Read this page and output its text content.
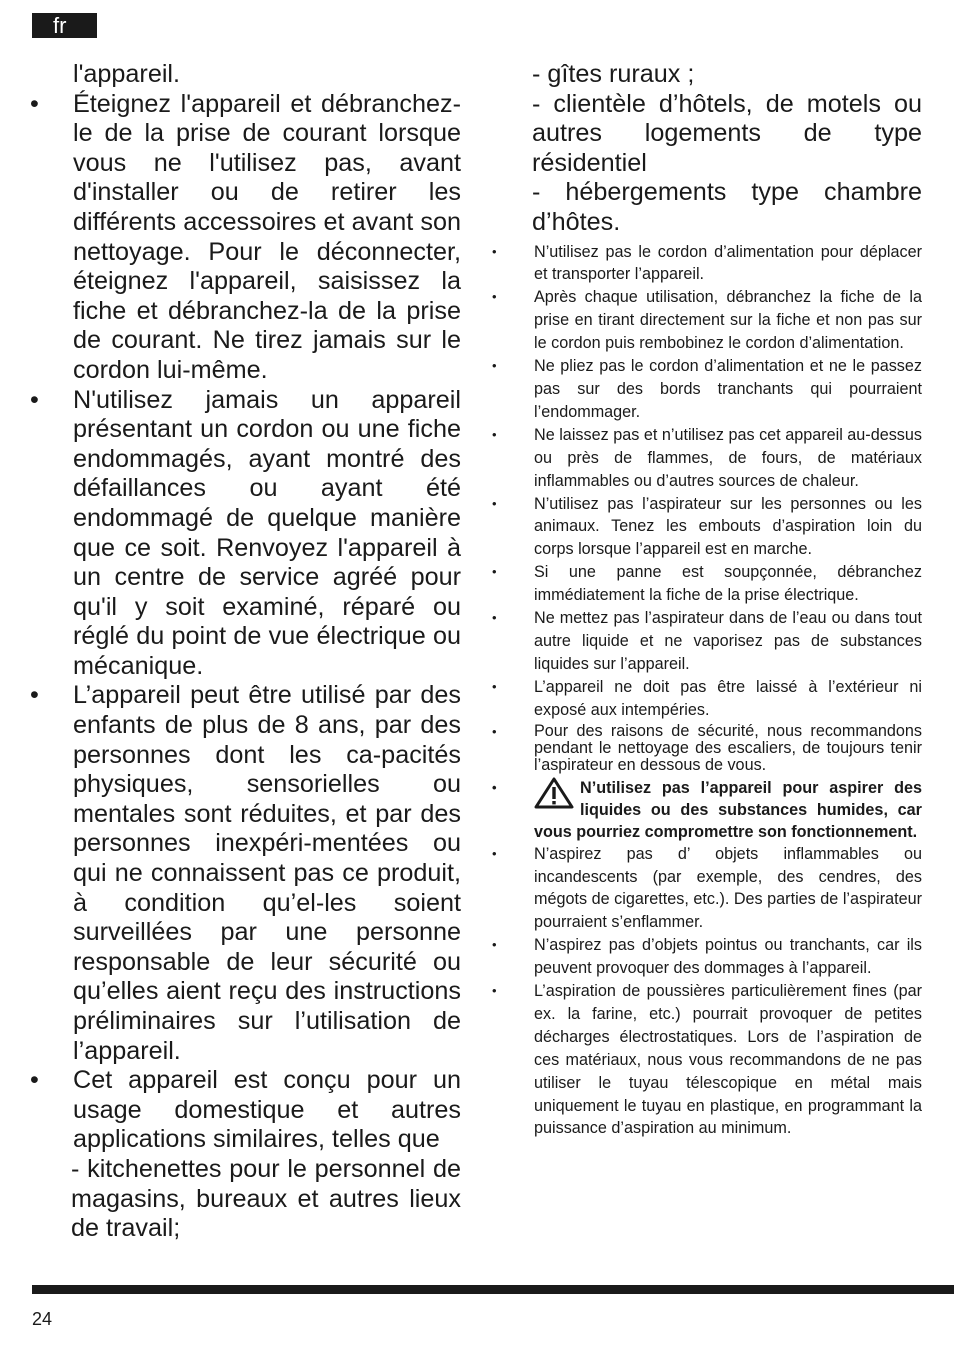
fr

l'appareil.

• Éteignez l'appareil et débranchez-le de la prise de courant lorsque vous ne l'utilisez pas, avant d'installer ou de retirer les différents accessoires et avant son nettoyage. Pour le déconnecter, éteignez l'appareil, saisissez la fiche et débranchez-la de la prise de courant. Ne tirez jamais sur le cordon lui-même.

• N'utilisez jamais un appareil présentant un cordon ou une fiche endommagés, ayant montré des défaillances ou ayant été endommagé de quelque manière que ce soit. Renvoyez l'appareil à un centre de service agréé pour qu'il y soit examiné, réparé ou réglé du point de vue électrique ou mécanique.

• L’appareil peut être utilisé par des enfants de plus de 8 ans, par des personnes dont les ca-pacités physiques, sensorielles ou mentales sont réduites, et par des personnes inexpéri-mentées ou qui ne connaissent pas ce produit, à condition qu’el-les soient surveillées par une personne responsable de leur sécurité ou qu’elles aient reçu des instructions préliminaires sur l’utilisation de l’appareil.

• Cet appareil est conçu pour un usage domestique et autres applications similaires, telles que

- kitchenettes pour le personnel de magasins, bureaux et autres lieux de travail;

- gîtes ruraux ;

- clientèle d’hôtels, de motels ou autres logements de type résidentiel

- hébergements type chambre d’hôtes.

• N’utilisez pas le cordon d’alimentation pour déplacer et transporter l’appareil.

• Après chaque utilisation, débranchez la fiche de la prise en tirant directement sur la fiche et non pas sur le cordon puis rembobinez le cordon d’alimentation.

• Ne pliez pas le cordon d’alimentation et ne le passez pas sur des bords tranchants qui pourraient l’endommager.

• Ne laissez pas et n’utilisez pas cet appareil au-dessus ou près de flammes, de fours, de matériaux inflammables ou d’autres sources de chaleur.

• N’utilisez pas l’aspirateur sur les personnes ou les animaux. Tenez les embouts d’aspiration loin du corps lorsque l’appareil est en marche.

• Si une panne est soupçonnée, débranchez immédiatement la fiche de la prise électrique.

• Ne mettez pas l’aspirateur dans de l’eau ou dans tout autre liquide et ne vaporisez pas de substances liquides sur l’appareil.

• L’appareil ne doit pas être laissé à l’extérieur ni exposé aux intempéries.

• Pour des raisons de sécurité, nous recommandons pendant le nettoyage des escaliers, de toujours tenir l’aspirateur en dessous de vous.

• N’utilisez pas l’appareil pour aspirer des liquides ou des substances humides, car vous pourriez compromettre son fonctionnement.

• N’aspirez pas d’ objets inflammables ou incandescents (par exemple, des cendres, des mégots de cigarettes, etc.). Des parties de l’aspirateur pourraient s’enflammer.

• N’aspirez pas d’objets pointus ou tranchants, car ils peuvent provoquer des dommages à l’appareil.

• L’aspiration de poussières particulièrement fines (par ex. la farine, etc.) pourrait provoquer de petites décharges électrostatiques. Lors de l’aspiration de ces matériaux, nous vous recommandons de ne pas utiliser le tuyau télescopique en métal mais uniquement le tuyau en plastique, en programmant la puissance d’aspiration au minimum.

24
